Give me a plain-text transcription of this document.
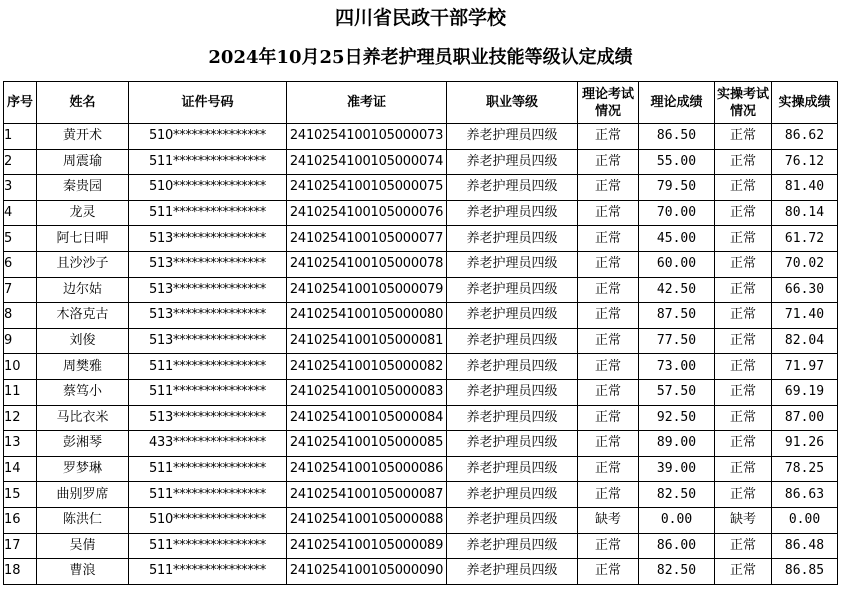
四川省民政干部学校
2024年10月25日养老护理员职业技能等级认定成绩
序号	姓名	证件号码	准考证	职业等级	理论考试情况	理论成绩	实操考试情况	实操成绩
1	黄开术	510***************	2410254100105000073	养老护理员四级	正常	86.50	正常	86.62
2	周震瑜	511***************	2410254100105000074	养老护理员四级	正常	55.00	正常	76.12
3	秦贵园	510***************	2410254100105000075	养老护理员四级	正常	79.50	正常	81.40
4	龙灵	511***************	2410254100105000076	养老护理员四级	正常	70.00	正常	80.14
5	阿七日呷	513***************	2410254100105000077	养老护理员四级	正常	45.00	正常	61.72
6	且沙沙子	513***************	2410254100105000078	养老护理员四级	正常	60.00	正常	70.02
7	边尔姑	513***************	2410254100105000079	养老护理员四级	正常	42.50	正常	66.30
8	木洛克古	513***************	2410254100105000080	养老护理员四级	正常	87.50	正常	71.40
9	刘俊	513***************	2410254100105000081	养老护理员四级	正常	77.50	正常	82.04
10	周樊雅	511***************	2410254100105000082	养老护理员四级	正常	73.00	正常	71.97
11	蔡笃小	511***************	2410254100105000083	养老护理员四级	正常	57.50	正常	69.19
12	马比衣米	513***************	2410254100105000084	养老护理员四级	正常	92.50	正常	87.00
13	彭湘琴	433***************	2410254100105000085	养老护理员四级	正常	89.00	正常	91.26
14	罗梦琳	511***************	2410254100105000086	养老护理员四级	正常	39.00	正常	78.25
15	曲别罗席	511***************	2410254100105000087	养老护理员四级	正常	82.50	正常	86.63
16	陈洪仁	510***************	2410254100105000088	养老护理员四级	缺考	0.00	缺考	0.00
17	吴倩	511***************	2410254100105000089	养老护理员四级	正常	86.00	正常	86.48
18	曹浪	511***************	2410254100105000090	养老护理员四级	正常	82.50	正常	86.85
